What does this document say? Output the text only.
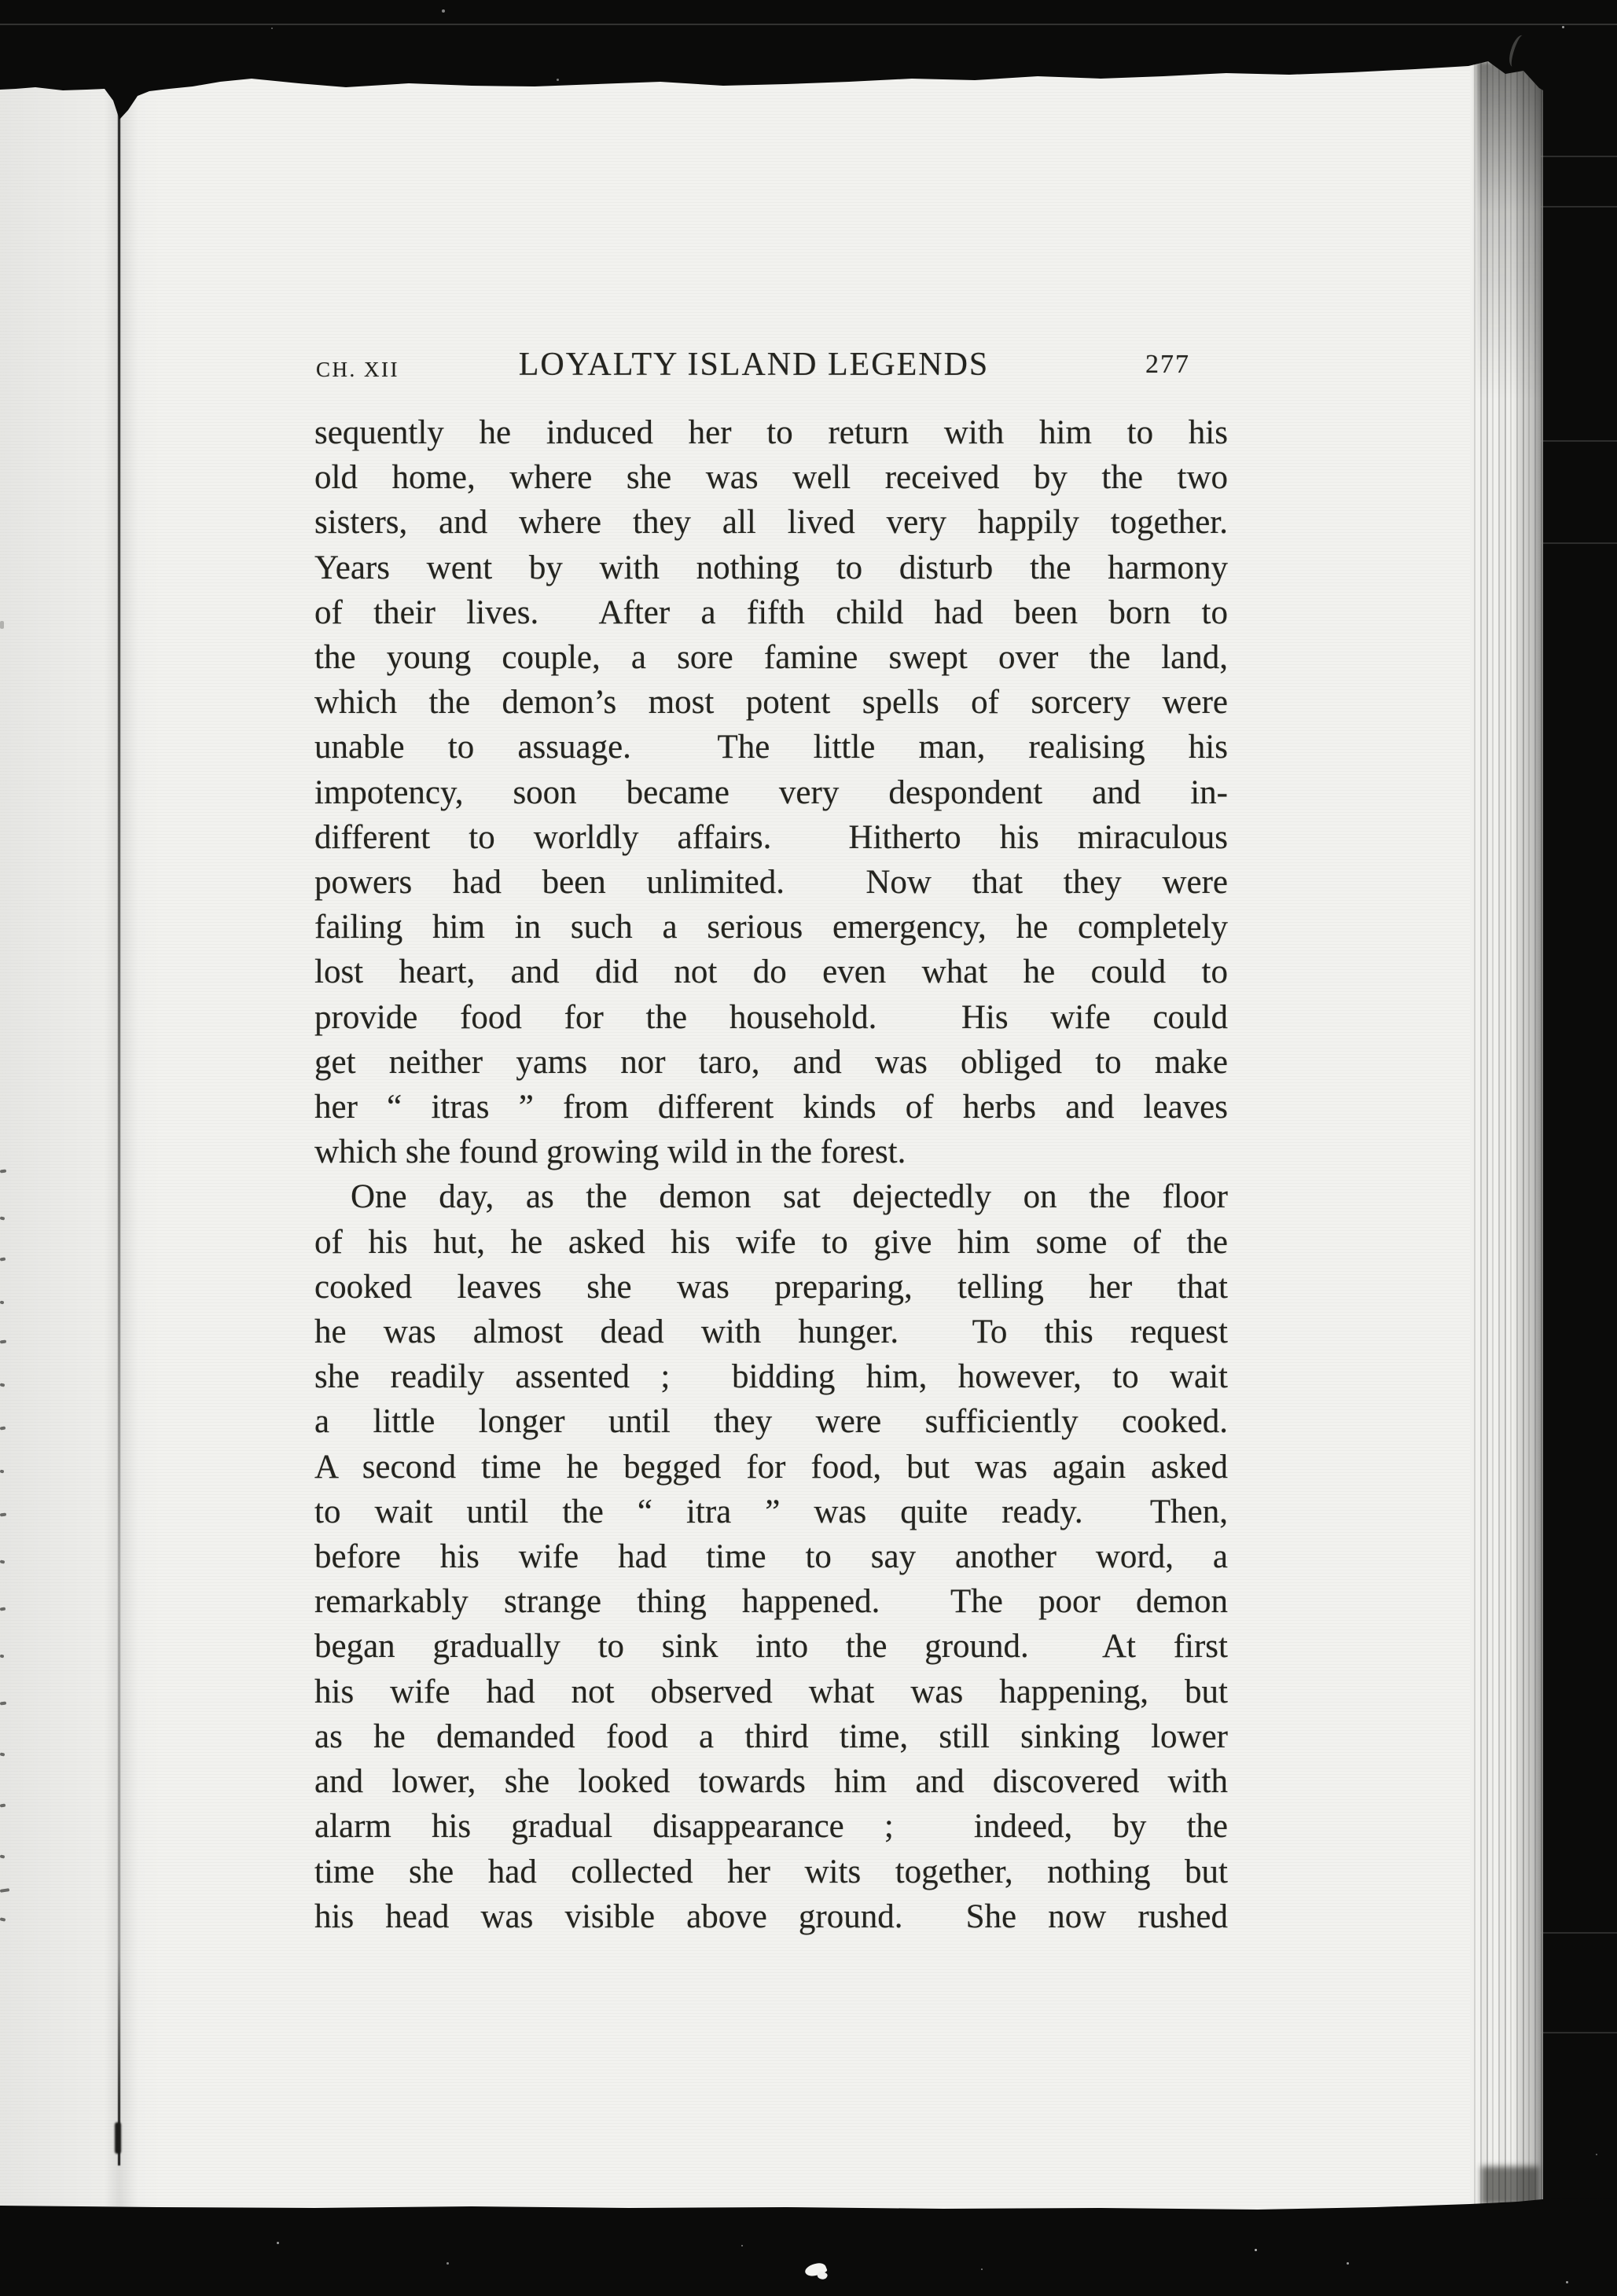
CH. XII	LOYALTY ISLAND LEGENDS	277
sequently he induced her to return with him to his
old home, where she was well received by the two
sisters, and where they all lived very happily together.
Years went by with nothing to disturb the harmony
of their lives.  After a fifth child had been born to
the young couple, a sore famine swept over the land,
which the demon’s most potent spells of sorcery were
unable to assuage.  The little man, realising his
impotency, soon became very despondent and in-
different to worldly affairs.  Hitherto his miraculous
powers had been unlimited.  Now that they were
failing him in such a serious emergency, he completely
lost heart, and did not do even what he could to
provide food for the household.  His wife could
get neither yams nor taro, and was obliged to make
her “ itras ” from different kinds of herbs and leaves
which she found growing wild in the forest.
One day, as the demon sat dejectedly on the floor
of his hut, he asked his wife to give him some of the
cooked leaves she was preparing, telling her that
he was almost dead with hunger.  To this request
she readily assented ;  bidding him, however, to wait
a little longer until they were sufficiently cooked.
A second time he begged for food, but was again asked
to wait until the “ itra ” was quite ready.  Then,
before his wife had time to say another word, a
remarkably strange thing happened.  The poor demon
began gradually to sink into the ground.  At first
his wife had not observed what was happening, but
as he demanded food a third time, still sinking lower
and lower, she looked towards him and discovered with
alarm his gradual disappearance ;  indeed, by the
time she had collected her wits together, nothing but
his head was visible above ground.  She now rushed
